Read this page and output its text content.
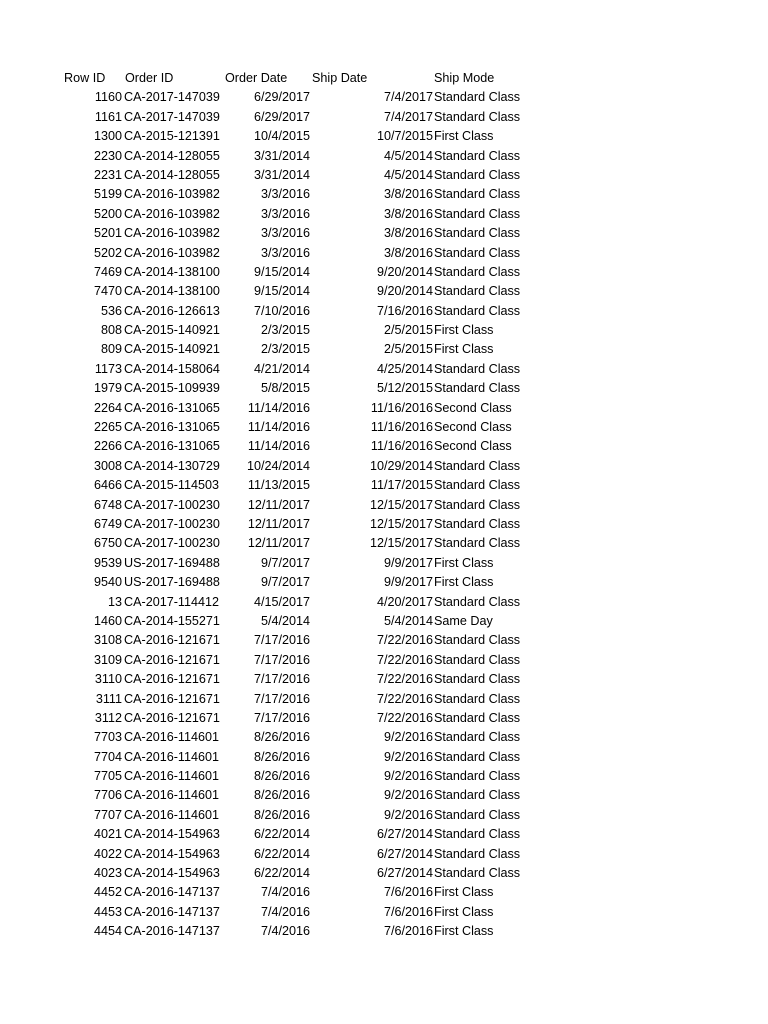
Row ID	Order ID	Order Date	Ship Date	Ship Mode
1160 CA-2017-147039	6/29/2017	7/4/2017 Standard Class
1161 CA-2017-147039	6/29/2017	7/4/2017 Standard Class
1300 CA-2015-121391	10/4/2015	10/7/2015 First Class
2230 CA-2014-128055	3/31/2014	4/5/2014 Standard Class
2231 CA-2014-128055	3/31/2014	4/5/2014 Standard Class
5199 CA-2016-103982	3/3/2016	3/8/2016 Standard Class
5200 CA-2016-103982	3/3/2016	3/8/2016 Standard Class
5201 CA-2016-103982	3/3/2016	3/8/2016 Standard Class
5202 CA-2016-103982	3/3/2016	3/8/2016 Standard Class
7469 CA-2014-138100	9/15/2014	9/20/2014 Standard Class
7470 CA-2014-138100	9/15/2014	9/20/2014 Standard Class
536 CA-2016-126613	7/10/2016	7/16/2016 Standard Class
808 CA-2015-140921	2/3/2015	2/5/2015 First Class
809 CA-2015-140921	2/3/2015	2/5/2015 First Class
1173 CA-2014-158064	4/21/2014	4/25/2014 Standard Class
1979 CA-2015-109939	5/8/2015	5/12/2015 Standard Class
2264 CA-2016-131065	11/14/2016	11/16/2016 Second Class
2265 CA-2016-131065	11/14/2016	11/16/2016 Second Class
2266 CA-2016-131065	11/14/2016	11/16/2016 Second Class
3008 CA-2014-130729	10/24/2014	10/29/2014 Standard Class
6466 CA-2015-114503	11/13/2015	11/17/2015 Standard Class
6748 CA-2017-100230	12/11/2017	12/15/2017 Standard Class
6749 CA-2017-100230	12/11/2017	12/15/2017 Standard Class
6750 CA-2017-100230	12/11/2017	12/15/2017 Standard Class
9539 US-2017-169488	9/7/2017	9/9/2017 First Class
9540 US-2017-169488	9/7/2017	9/9/2017 First Class
13 CA-2017-114412	4/15/2017	4/20/2017 Standard Class
1460 CA-2014-155271	5/4/2014	5/4/2014 Same Day
3108 CA-2016-121671	7/17/2016	7/22/2016 Standard Class
3109 CA-2016-121671	7/17/2016	7/22/2016 Standard Class
3110 CA-2016-121671	7/17/2016	7/22/2016 Standard Class
3111 CA-2016-121671	7/17/2016	7/22/2016 Standard Class
3112 CA-2016-121671	7/17/2016	7/22/2016 Standard Class
7703 CA-2016-114601	8/26/2016	9/2/2016 Standard Class
7704 CA-2016-114601	8/26/2016	9/2/2016 Standard Class
7705 CA-2016-114601	8/26/2016	9/2/2016 Standard Class
7706 CA-2016-114601	8/26/2016	9/2/2016 Standard Class
7707 CA-2016-114601	8/26/2016	9/2/2016 Standard Class
4021 CA-2014-154963	6/22/2014	6/27/2014 Standard Class
4022 CA-2014-154963	6/22/2014	6/27/2014 Standard Class
4023 CA-2014-154963	6/22/2014	6/27/2014 Standard Class
4452 CA-2016-147137	7/4/2016	7/6/2016 First Class
4453 CA-2016-147137	7/4/2016	7/6/2016 First Class
4454 CA-2016-147137	7/4/2016	7/6/2016 First Class
